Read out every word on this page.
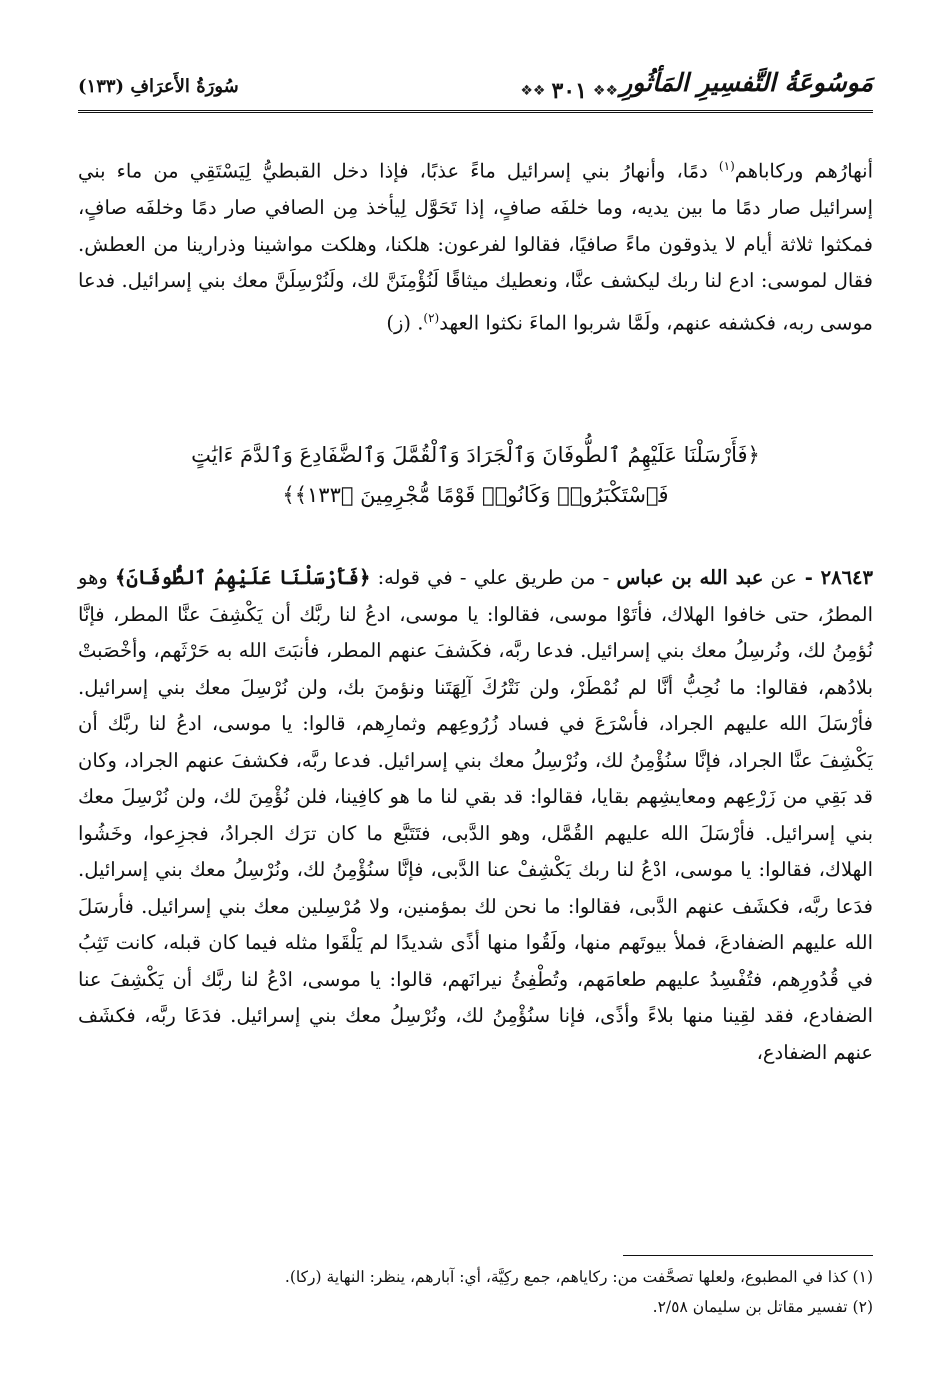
مَوسُوعَةُ التَّفسِيرِ المَأثُورِ
❖❖
٣٠١
❖❖
سُورَةُ الأَعرَافِ (١٣٣)
أنهارُهم وركاباهم$^{(١)}$ دمًا، وأنهارُ بني إسرائيل ماءً عذبًا، فإذا دخل القبطيُّ لِيَسْتَقِي من ماء بني إسرائيل صار دمًا ما بين يديه، وما خلفَه صافٍ، إذا تَحَوَّل لِيأخذ مِن الصافي صار دمًا وخلفَه صافٍ، فمكثوا ثلاثة أيام لا يذوقون ماءً صافيًا، فقالوا لفرعون: هلكنا، وهلكت مواشينا وذرارينا من العطش. فقال لموسى: ادع لنا ربك ليكشف عنَّا، ونعطيك ميثاقًا لَنُؤْمِنَنَّ لك، ولَنُرْسِلَنَّ معك بني إسرائيل. فدعا موسى ربه، فكشفه عنهم، ولَمَّا شربوا الماءَ نكثوا العهد$^{(٢)}$. (ز)
﴿فَأَرْسَلْنَا عَلَيْهِمُ ٱلطُّوفَانَ وَٱلْجَرَادَ وَٱلْقُمَّلَ وَٱلضَّفَادِعَ وَٱلدَّمَ ءَايَٰتٍ
فَٱسْتَكْبَرُوا۟ وَكَانُوا۟ قَوْمًا مُّجْرِمِينَ ﴿١٣٣﴾﴾
٢٨٦٤٣ - عن عبد الله بن عباس - من طريق علي - في قوله: ﴿فَأَرْسَلْنَا عَلَيْهِمُ ٱلطُّوفَانَ﴾ وهو المطرُ، حتى خافوا الهلاك، فأتَوْا موسى، فقالوا: يا موسى، ادعُ لنا ربَّك أن يَكْشِفَ عنَّا المطر، فإنَّا نُؤمِنُ لك، ونُرسِلُ معك بني إسرائيل. فدعا ربَّه، فكَشفَ عنهم المطر، فأنبَتَ الله به حَرْثَهم، وأخْصَبتْ بلادُهم، فقالوا: ما نُحِبُّ أنَّا لم نُمْطَرْ، ولن نَتْرُكَ آلِهَتَنا ونؤمنَ بك، ولن نُرْسِلَ معك بني إسرائيل. فأرْسَلَ الله عليهم الجراد، فأسْرَعَ في فساد زُرُوعِهم وثمارِهم، قالوا: يا موسى، ادعُ لنا ربَّك أن يَكْشِفَ عنَّا الجراد، فإنَّا سنُؤْمِنُ لك، ونُرْسِلُ معك بني إسرائيل. فدعا ربَّه، فكشفَ عنهم الجراد، وكان قد بَقِي من زَرْعِهم ومعايشِهم بقايا، فقالوا: قد بقي لنا ما هو كافِينا، فلن نُؤْمِنَ لك، ولن نُرْسِلَ معك بني إسرائيل. فأرْسَلَ الله عليهم القُمَّل، وهو الدَّبى، فتَتَبَّع ما كان ترَك الجرادُ، فجزِعوا، وخَشُوا الهلاك، فقالوا: يا موسى، ادْعُ لنا ربك يَكْشِفْ عنا الدَّبى، فإنَّا سنُؤْمِنُ لك، ونُرْسِلُ معك بني إسرائيل. فدَعا ربَّه، فكشَف عنهم الدَّبى، فقالوا: ما نحن لك بمؤمنين، ولا مُرْسِلين معك بني إسرائيل. فأرسَلَ الله عليهم الضفادعَ، فملأ بيوتَهم منها، ولَقُوا منها أذًى شديدًا لم يَلْقَوا مثله فيما كان قبله، كانت تَثِبُ في قُدُورِهم، فتُفْسِدُ عليهم طعامَهم، وتُطْفِئُ نيرانَهم، قالوا: يا موسى، ادْعُ لنا ربَّك أن يَكْشِفَ عنا الضفادع، فقد لقِينا منها بلاءً وأذًى، فإنا سنُؤْمِنُ لك، ونُرْسِلُ معك بني إسرائيل. فدَعَا ربَّه، فكشَف عنهم الضفادع،
(١) كذا في المطبوع، ولعلها تصحَّفت من: ركاياهم، جمع ركِيَّة، أي: آبارهم، ينظر: النهاية (ركا).
(٢) تفسير مقاتل بن سليمان ٢/٥٨.
